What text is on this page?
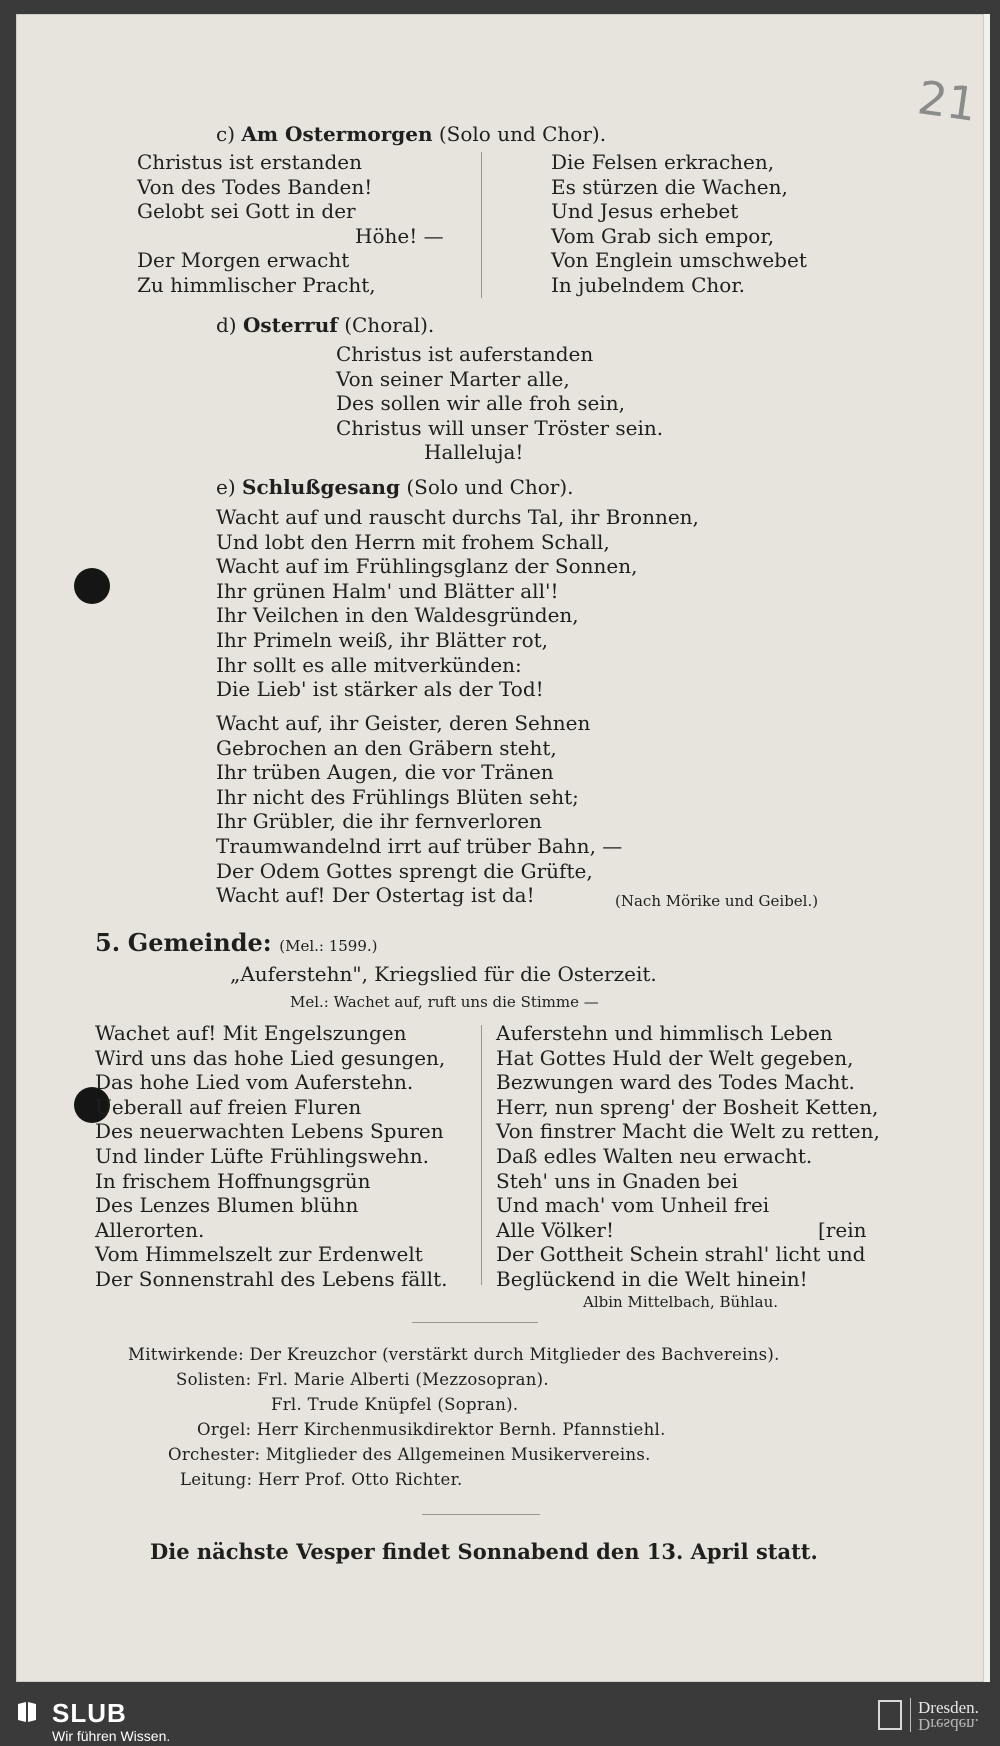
21
c) Am Ostermorgen (Solo und Chor).
Christus ist erstanden
Von des Todes Banden!
Gelobt sei Gott in der
Höhe! —
Der Morgen erwacht
Zu himmlischer Pracht,
Die Felsen erkrachen,
Es stürzen die Wachen,
Und Jesus erhebet
Vom Grab sich empor,
Von Englein umschwebet
In jubelndem Chor.
d) Osterruf (Choral).
Christus ist auferstanden
Von seiner Marter alle,
Des sollen wir alle froh sein,
Christus will unser Tröster sein.
Halleluja!
e) Schlußgesang (Solo und Chor).
Wacht auf und rauscht durchs Tal, ihr Bronnen,
Und lobt den Herrn mit frohem Schall,
Wacht auf im Frühlingsglanz der Sonnen,
Ihr grünen Halm' und Blätter all'!
Ihr Veilchen in den Waldesgründen,
Ihr Primeln weiß, ihr Blätter rot,
Ihr sollt es alle mitverkünden:
Die Lieb' ist stärker als der Tod!
Wacht auf, ihr Geister, deren Sehnen
Gebrochen an den Gräbern steht,
Ihr trüben Augen, die vor Tränen
Ihr nicht des Frühlings Blüten seht;
Ihr Grübler, die ihr fernverloren
Traumwandelnd irrt auf trüber Bahn, —
Der Odem Gottes sprengt die Grüfte,
Wacht auf! Der Ostertag ist da!	(Nach Mörike und Geibel.)
5. Gemeinde: (Mel.: 1599.)
„Auferstehn", Kriegslied für die Osterzeit.
Mel.: Wachet auf, ruft uns die Stimme —
Wachet auf! Mit Engelszungen
Wird uns das hohe Lied gesungen,
Das hohe Lied vom Auferstehn.
Ueberall auf freien Fluren
Des neuerwachten Lebens Spuren
Und linder Lüfte Frühlingswehn.
In frischem Hoffnungsgrün
Des Lenzes Blumen blühn
Allerorten.
Vom Himmelszelt zur Erdenwelt
Der Sonnenstrahl des Lebens fällt.
Auferstehn und himmlisch Leben
Hat Gottes Huld der Welt gegeben,
Bezwungen ward des Todes Macht.
Herr, nun spreng' der Bosheit Ketten,
Von finstrer Macht die Welt zu retten,
Daß edles Walten neu erwacht.
Steh' uns in Gnaden bei
Und mach' vom Unheil frei
Alle Völker!
Der Gottheit Schein strahl' licht und
Beglückend in die Welt hinein!
[rein
Albin Mittelbach, Bühlau.
Mitwirkende: Der Kreuzchor (verstärkt durch Mitglieder des Bachvereins).
Solisten: Frl. Marie Alberti (Mezzosopran).
Frl. Trude Knüpfel (Sopran).
Orgel: Herr Kirchenmusikdirektor Bernh. Pfannstiehl.
Orchester: Mitglieder des Allgemeinen Musikervereins.
Leitung: Herr Prof. Otto Richter.
Die nächste Vesper findet Sonnabend den 13. April statt.
SLUB
Wir führen Wissen.
Dresden.
Dresden.
